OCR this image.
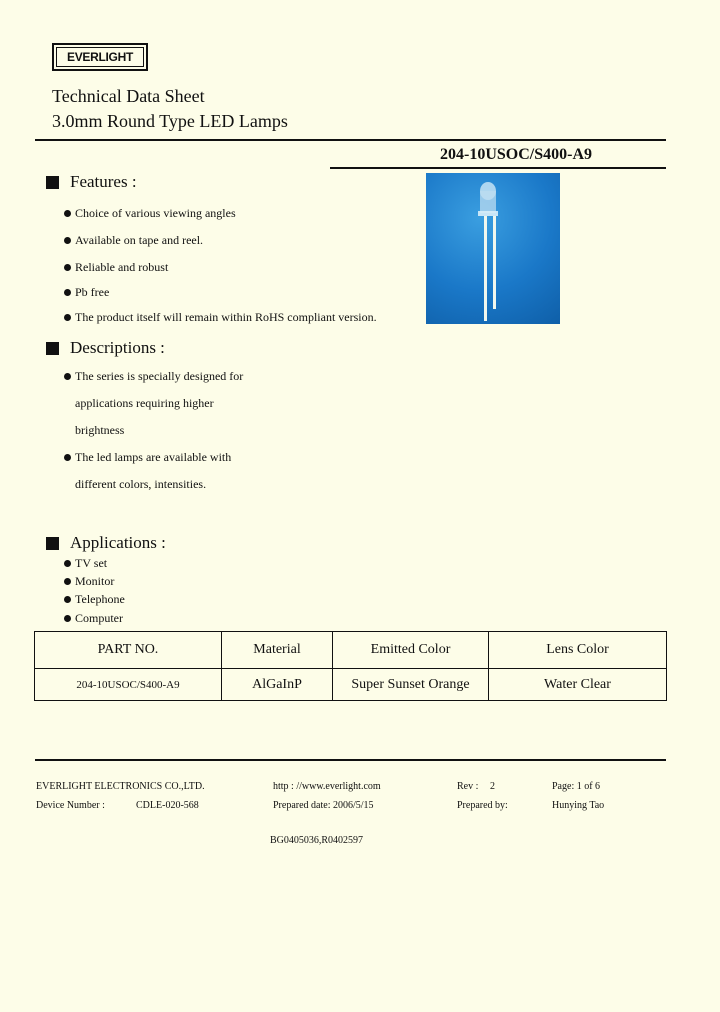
EVERLIGHT
Technical Data Sheet
3.0mm Round Type LED Lamps
204-10USOC/S400-A9
Features :
Choice of various viewing angles
Available on tape and reel.
Reliable and robust
Pb free
The product itself will remain within RoHS compliant version.
Descriptions :
The series is specially designed for
applications requiring higher
brightness
The led lamps are available with
different colors, intensities.
Applications :
TV set
Monitor
Telephone
Computer
PART NO.	Material	Emitted Color	Lens Color
204-10USOC/S400-A9	AlGaInP	Super Sunset Orange	Water Clear
EVERLIGHT ELECTRONICS CO.,LTD.	http : //www.everlight.com	Rev : 2	Page: 1 of 6
Device Number :	CDLE-020-568	Prepared date: 2006/5/15	Prepared by:	Hunying Tao
BG0405036,R0402597
